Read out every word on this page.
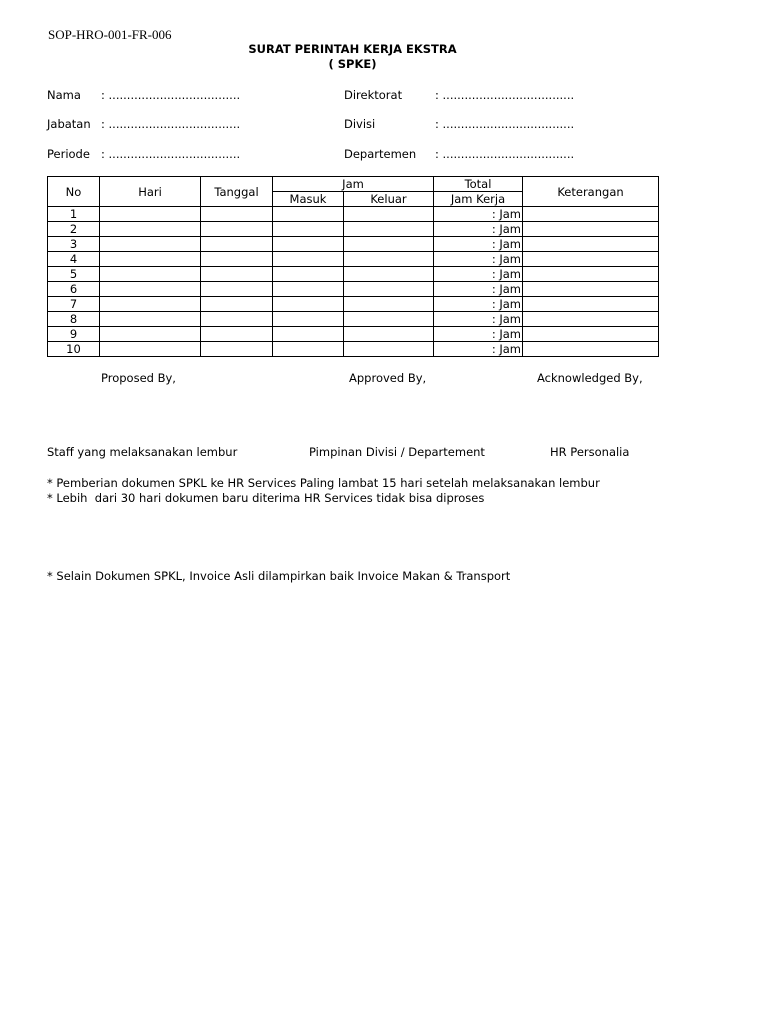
SOP-HRO-001-FR-006
SURAT PERINTAH KERJA EKSTRA
( SPKE)
Nama : ....................................
Jabatan : ....................................
Periode : ....................................
Direktorat	: ....................................
Divisi	: ....................................
Departemen : ....................................
No	Hari	Tanggal	Jam		Total	Keterangan
			Masuk	Keluar	Jam Kerja	
1					: Jam	
2					: Jam	
3					: Jam	
4					: Jam	
5					: Jam	
6					: Jam	
7					: Jam	
8					: Jam	
9					: Jam	
10					: Jam	
Proposed By,	Approved By,	Acknowledged By,
Staff yang melaksanakan lembur	Pimpinan Divisi / Departement	HR Personalia
* Pemberian dokumen SPKL ke HR Services Paling lambat 15 hari setelah melaksanakan lembur
* Lebih  dari 30 hari dokumen baru diterima HR Services tidak bisa diproses
* Selain Dokumen SPKL, Invoice Asli dilampirkan baik Invoice Makan & Transport
